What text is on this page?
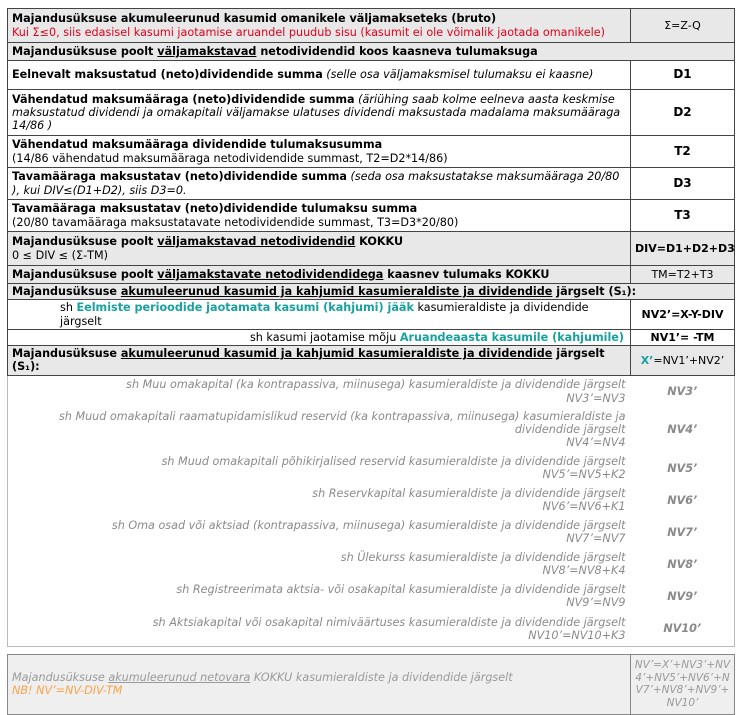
Majandusüksuse akumuleerunud kasumid omanikele väljamakseteks (bruto)
Kui Σ≤0, siis edasisel kasumi jaotamise aruandel puudub sisu (kasumit ei ole võimalik jaotada omanikele)	Σ=Z-Q
Majandusüksuse poolt väljamakstavad netodividendid koos kaasneva tulumaksuga	
Eelnevalt maksustatud (neto)dividendide summa (selle osa väljamaksmisel tulumaksu ei kaasne)	D1
Vähendatud maksumääraga (neto)dividendide summa (äriühing saab kolme eelneva aasta keskmise maksustatud dividendi ja omakapitali väljamakse ulatuses dividendi maksustada madalama maksumääraga 14/86 )	D2

Vähendatud maksumääraga dividendide tulumaksusumma
(14/86 vähendatud maksumääraga netodividendide summast, T2=D2*14/86)	T2
Tavamääraga maksustatav (neto)dividendide summa (seda osa maksustatakse maksumääraga 20/80 ), kui DIV≤(D1+D2), siis D3=0.	D3

Tavamääraga maksustatav (neto)dividendide tulumaksu summa
(20/80 tavamääraga maksustatavate netodividendide summast, T3=D3*20/80)	T3

Majandusüksuse poolt väljamakstavad netodividendid KOKKU
0 ≤ DIV ≤ (Σ-TM)	DIV=D1+D2+D3
Majandusüksuse poolt väljamakstavate netodividendidega kaasnev tulumaks KOKKU	TM=T2+T3
Majandusüksuse akumuleerunud kasumid ja kahjumid kasumieraldiste ja dividendide järgselt (S₁):	
sh Eelmiste perioodide jaotamata kasumi (kahjumi) jääk kasumieraldiste ja dividendide järgselt	NV2’=X-Y-DIV
sh kasumi jaotamise mõju Aruandeaasta kasumile (kahjumile)	NV1’= -TM
Majandusüksuse akumuleerunud kasumid ja kahjumid kasumieraldiste ja dividendide järgselt (S₁):	X’=NV1’+NV2’

sh Muu omakapital (ka kontrapassiva, miinusega) kasumieraldiste ja dividendide järgselt
NV3’=NV3	NV3’

sh Muud omakapitali raamatupidamislikud reservid (ka kontrapassiva, miinusega) kasumieraldiste ja dividendide järgselt
NV4’=NV4	NV4’

sh Muud omakapitali põhikirjalised reservid kasumieraldiste ja dividendide järgselt
NV5’=NV5+K2	NV5’

sh Reservkapital kasumieraldiste ja dividendide järgselt
NV6’=NV6+K1	NV6’

sh Oma osad või aktsiad (kontrapassiva, miinusega) kasumieraldiste ja dividendide järgselt
NV7’=NV7	NV7’

sh Ülekurss kasumieraldiste ja dividendide järgselt
NV8’=NV8+K4	NV8’

sh Registreerimata aktsia- või osakapital kasumieraldiste ja dividendide järgselt
NV9’=NV9	NV9’

sh Aktsiakapital või osakapital nimiväärtuses kasumieraldiste ja dividendide järgselt
NV10’=NV10+K3	NV10’

Majandusüksuse akumuleerunud netovara KOKKU kasumieraldiste ja dividendide järgselt
NB! NV’=NV-DIV-TM	NV’=X’+NV3’+NV4’+NV5’+NV6’+NV7’+NV8’+NV9’+NV10’
